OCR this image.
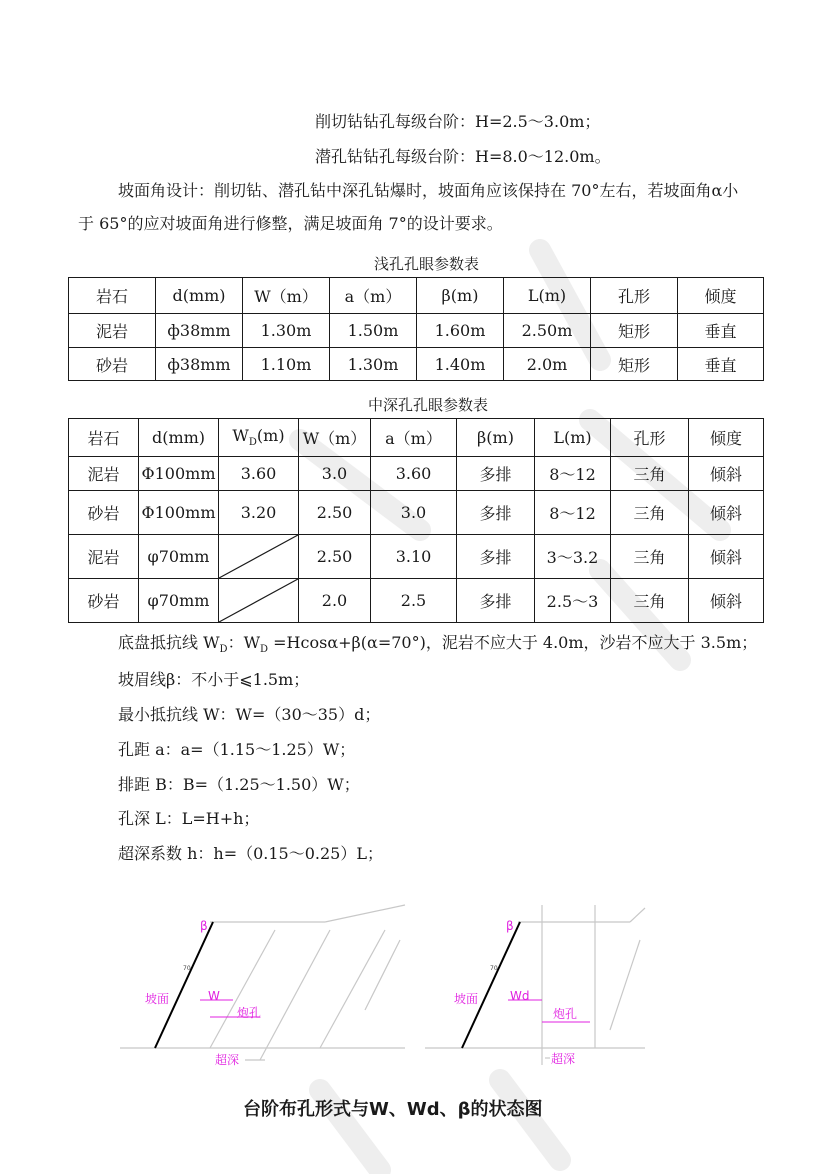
削切钻钻孔每级台阶：H=2.5～3.0m；
潜孔钻钻孔每级台阶：H=8.0～12.0m。
坡面角设计：削切钻、潜孔钻中深孔钻爆时，坡面角应该保持在 70°左右，若坡面角α小
于 65°的应对坡面角进行修整，满足坡面角 7°的设计要求。
浅孔孔眼参数表
岩石	d(mm)	W（m）	a（m）	β(m)	L(m)	孔形	倾度
泥岩	ф38mm	1.30m	1.50m	1.60m	2.50m	矩形	垂直
砂岩	ф38mm	1.10m	1.30m	1.40m	2.0m	矩形	垂直
中深孔孔眼参数表
岩石	d(mm)	$W_D(m)$	W（m）	a（m）	β(m)	L(m)	孔形	倾度
泥岩	Φ100mm	3.60	3.0	3.60	多排	8～12	三角	倾斜
砂岩	Φ100mm	3.20	2.50	3.0	多排	8～12	三角	倾斜
泥岩	φ70mm		2.50	3.10	多排	3～3.2	三角	倾斜
砂岩	φ70mm		2.0	2.5	多排	2.5～3	三角	倾斜
底盘抵抗线 $W_D$：$W_D =Hcos\alpha+\beta(\alpha=70^\circ)$，泥岩不应大于 4.0m，沙岩不应大于 3.5m；
坡眉线β：不小于⩽1.5m；
最小抵抗线 W：W=（30～35）d；
孔距 a：a=（1.15～1.25）W；
排距 B：B=（1.25～1.50）W；
孔深 L：L=H+h；
超深系数 h：h=（0.15～0.25）L；
β
坡面	W
炮孔
超深
70
β
坡面	Wd
炮孔
超深
70
台阶布孔形式与W、Wd、β的状态图
